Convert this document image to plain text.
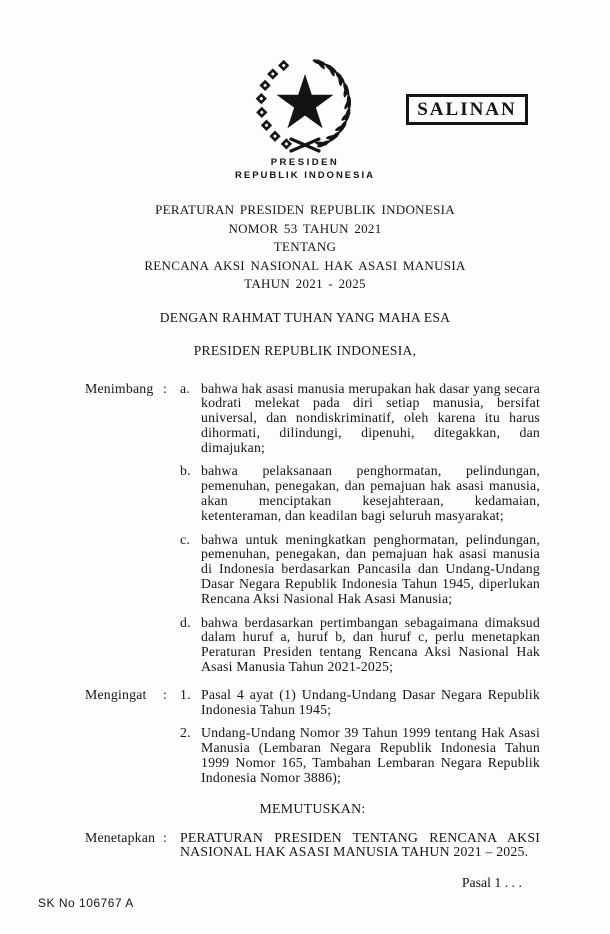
SALINAN
PRESIDEN
REPUBLIK INDONESIA
PERATURAN PRESIDEN REPUBLIK INDONESIA
NOMOR 53 TAHUN 2021
TENTANG
RENCANA AKSI NASIONAL HAK ASASI MANUSIA
TAHUN 2021 - 2025
DENGAN RAHMAT TUHAN YANG MAHA ESA
PRESIDEN REPUBLIK INDONESIA,
Menimbang : a. bahwa hak asasi manusia merupakan hak dasar yang secara kodrati melekat pada diri setiap manusia, bersifat universal, dan nondiskriminatif, oleh karena itu harus dihormati, dilindungi, dipenuhi, ditegakkan, dan dimajukan;
b. bahwa pelaksanaan penghormatan, pelindungan, pemenuhan, penegakan, dan pemajuan hak asasi manusia, akan menciptakan kesejahteraan, kedamaian, ketenteraman, dan keadilan bagi seluruh masyarakat;
c. bahwa untuk meningkatkan penghormatan, pelindungan, pemenuhan, penegakan, dan pemajuan hak asasi manusia di Indonesia berdasarkan Pancasila dan Undang-Undang Dasar Negara Republik Indonesia Tahun 1945, diperlukan Rencana Aksi Nasional Hak Asasi Manusia;
d. bahwa berdasarkan pertimbangan sebagaimana dimaksud dalam huruf a, huruf b, dan huruf c, perlu menetapkan Peraturan Presiden tentang Rencana Aksi Nasional Hak Asasi Manusia Tahun 2021-2025;
Mengingat	: 1. Pasal 4 ayat (1) Undang-Undang Dasar Negara Republik Indonesia Tahun 1945;
2. Undang-Undang Nomor 39 Tahun 1999 tentang Hak Asasi Manusia (Lembaran Negara Republik Indonesia Tahun 1999 Nomor 165, Tambahan Lembaran Negara Republik Indonesia Nomor 3886);
MEMUTUSKAN:
Menetapkan : PERATURAN PRESIDEN TENTANG RENCANA AKSI NASIONAL HAK ASASI MANUSIA TAHUN 2021 – 2025.
Pasal 1 . . .
SK No 106767 A
